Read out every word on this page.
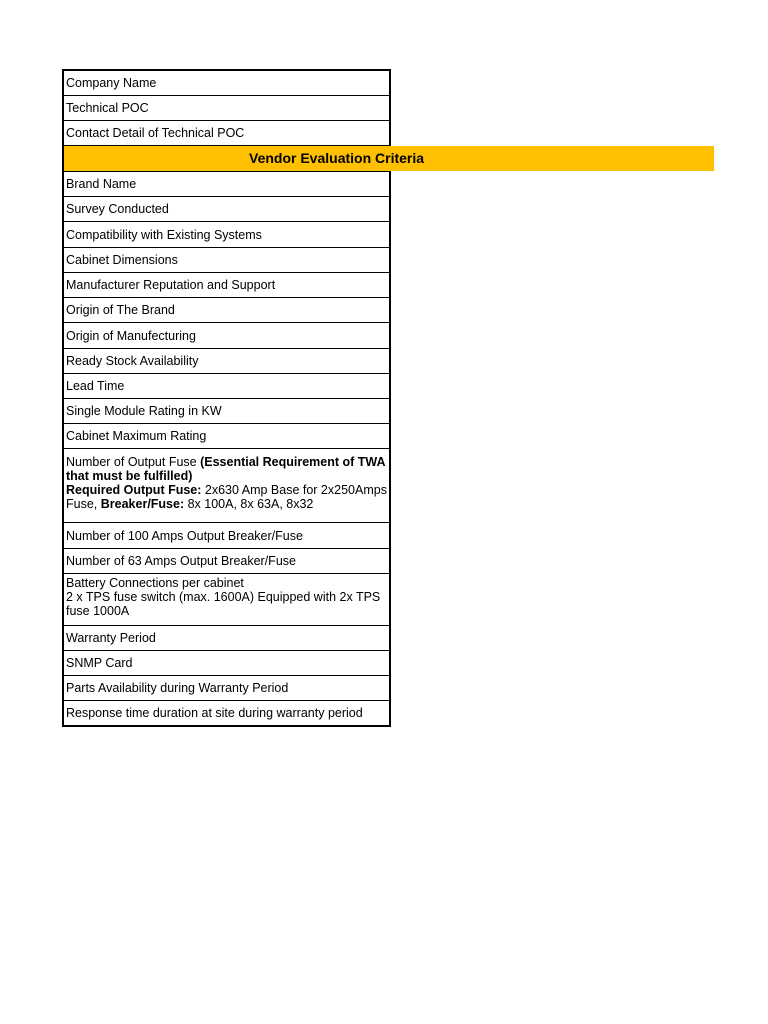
Company Name
Technical POC
Contact Detail of Technical POC
Vendor Evaluation Criteria
Brand Name
Survey Conducted
Compatibility with Existing Systems
Cabinet Dimensions
Manufacturer Reputation and Support
Origin of The Brand
Origin of Manufecturing
Ready Stock Availability
Lead Time
Single Module Rating in KW
Cabinet Maximum Rating
Number of Output Fuse (Essential Requirement of TWA that must be fulfilled)
Required Output Fuse: 2x630 Amp Base for 2x250Amps Fuse, Breaker/Fuse: 8x 100A, 8x 63A, 8x32
Number of 100 Amps Output Breaker/Fuse
Number of 63 Amps Output Breaker/Fuse
Battery Connections per cabinet
2 x TPS fuse switch (max. 1600A) Equipped with 2x TPS fuse 1000A
Warranty Period
SNMP Card
Parts Availability during Warranty Period
Response time duration at site during warranty period
